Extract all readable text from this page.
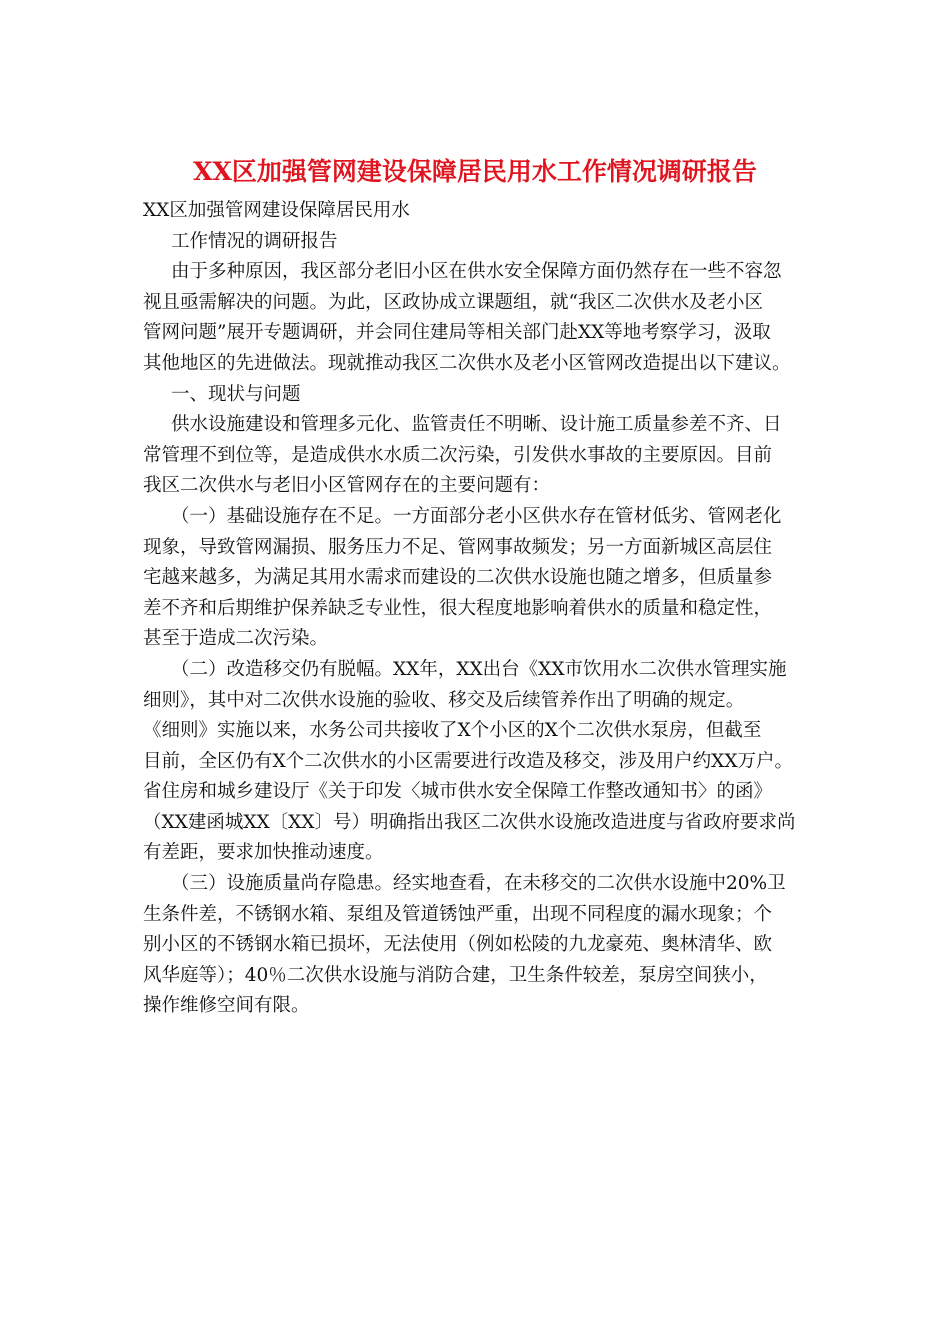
XX区加强管网建设保障居民用水工作情况调研报告
XX区加强管网建设保障居民用水
工作情况的调研报告
由于多种原因，我区部分老旧小区在供水安全保障方面仍然存在一些不容忽
视且亟需解决的问题。为此，区政协成立课题组，就“我区二次供水及老小区
管网问题”展开专题调研，并会同住建局等相关部门赴XX等地考察学习，汲取
其他地区的先进做法。现就推动我区二次供水及老小区管网改造提出以下建议。
一、现状与问题
供水设施建设和管理多元化、监管责任不明晰、设计施工质量参差不齐、日
常管理不到位等，是造成供水水质二次污染，引发供水事故的主要原因。目前
我区二次供水与老旧小区管网存在的主要问题有：
（一）基础设施存在不足。一方面部分老小区供水存在管材低劣、管网老化
现象，导致管网漏损、服务压力不足、管网事故频发；另一方面新城区高层住
宅越来越多，为满足其用水需求而建设的二次供水设施也随之增多，但质量参
差不齐和后期维护保养缺乏专业性，很大程度地影响着供水的质量和稳定性，
甚至于造成二次污染。
（二）改造移交仍有脱幅。XX年，XX出台《XX市饮用水二次供水管理实施
细则》，其中对二次供水设施的验收、移交及后续管养作出了明确的规定。
《细则》实施以来，水务公司共接收了X个小区的X个二次供水泵房，但截至
目前，全区仍有X个二次供水的小区需要进行改造及移交，涉及用户约XX万户。
省住房和城乡建设厅《关于印发〈城市供水安全保障工作整改通知书〉的函》
（XX建函城XX〔XX〕号）明确指出我区二次供水设施改造进度与省政府要求尚
有差距，要求加快推动速度。
（三）设施质量尚存隐患。经实地查看，在未移交的二次供水设施中20%卫
生条件差，不锈钢水箱、泵组及管道锈蚀严重，出现不同程度的漏水现象；个
别小区的不锈钢水箱已损坏，无法使用（例如松陵的九龙豪苑、奥林清华、欧
风华庭等）；40％二次供水设施与消防合建，卫生条件较差，泵房空间狭小，
操作维修空间有限。
